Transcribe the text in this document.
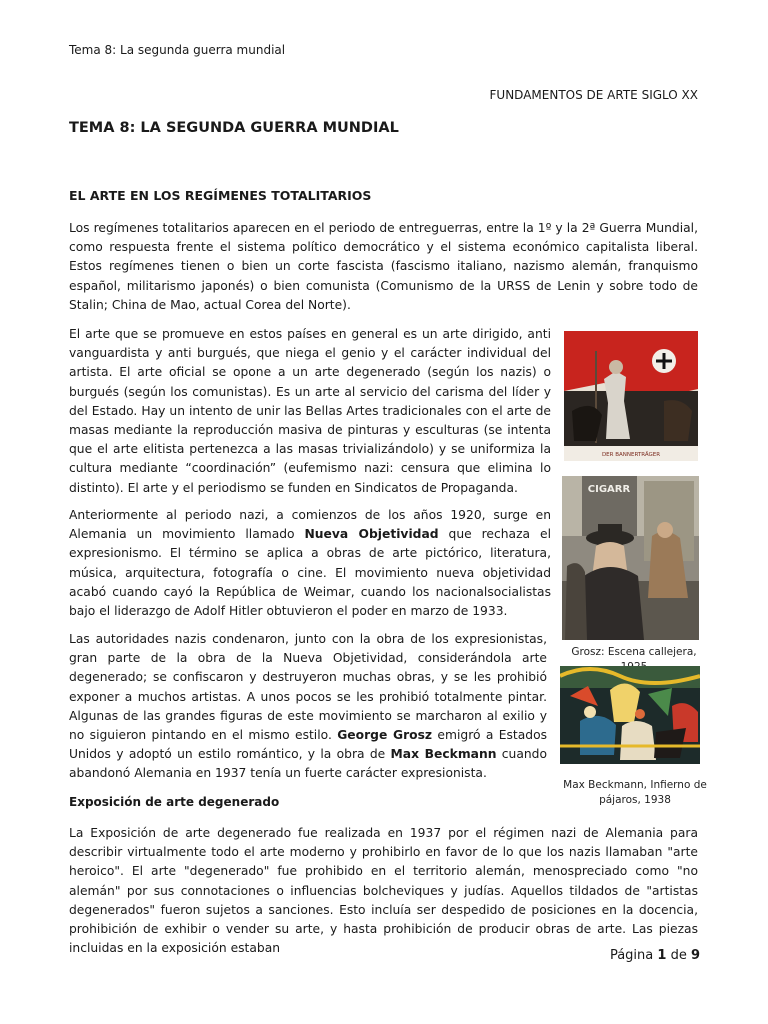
Tema 8: La segunda guerra mundial
FUNDAMENTOS DE ARTE SIGLO XX
TEMA 8: LA SEGUNDA GUERRA MUNDIAL
EL ARTE EN LOS REGÍMENES TOTALITARIOS

Los regímenes totalitarios aparecen en el periodo de entreguerras, entre la 1º y la 2ª Guerra Mundial, como respuesta frente el sistema político democrático y el sistema económico capitalista liberal. Estos regímenes tienen o bien un corte fascista (fascismo italiano, nazismo alemán, franquismo español, militarismo japonés) o bien comunista (Comunismo de la URSS de Lenin y sobre todo de Stalin; China de Mao, actual Corea del Norte).

El arte que se promueve en estos países en general es un arte dirigido, anti vanguardista y anti burgués, que niega el genio y el carácter individual del artista. El arte oficial se opone a un arte degenerado (según los nazis) o burgués (según los comunistas). Es un arte al servicio del carisma del líder y del Estado. Hay un intento de unir las Bellas Artes tradicionales con el arte de masas mediante la reproducción masiva de pinturas y esculturas (se intenta que el arte elitista pertenezca a las masas trivializándolo) y se uniformiza la cultura mediante “coordinación” (eufemismo nazi: censura que elimina lo distinto). El arte y el periodismo se funden en Sindicatos de Propaganda.

Anteriormente al periodo nazi, a comienzos de los años 1920, surge en Alemania un movimiento llamado Nueva Objetividad que rechaza el expresionismo. El término se aplica a obras de arte pictórico, literatura, música, arquitectura, fotografía o cine. El movimiento nueva objetividad acabó cuando cayó la República de Weimar, cuando los nacionalsocialistas bajo el liderazgo de Adolf Hitler obtuvieron el poder en marzo de 1933.

Las autoridades nazis condenaron, junto con la obra de los expresionistas, gran parte de la obra de la Nueva Objetividad, considerándola arte degenerado; se confiscaron y destruyeron muchas obras, y se les prohibió exponer a muchos artistas. A unos pocos se les prohibió totalmente pintar. Algunas de las grandes figuras de este movimiento se marcharon al exilio y no siguieron pintando en el mismo estilo. George Grosz emigró a Estados Unidos y adoptó un estilo romántico, y la obra de Max Beckmann cuando abandonó Alemania en 1937 tenía un fuerte carácter expresionista.

Exposición de arte degenerado

La Exposición de arte degenerado fue realizada en 1937 por el régimen nazi de Alemania para describir virtualmente todo el arte moderno y prohibirlo en favor de lo que los nazis llamaban "arte heroico". El arte "degenerado" fue prohibido en el territorio alemán, menospreciado como "no alemán" por sus connotaciones o influencias bolcheviques y judías. Aquellos tildados de "artistas degenerados" fueron sujetos a sanciones. Esto incluía ser despedido de posiciones en la docencia, prohibición de exhibir o vender su arte, y hasta prohibición de producir obras de arte. Las piezas incluidas en la exposición estaban

DER BANNERTRÄGER
CIGARR
Grosz: Escena callejera,
Max Beckmann, Infierno de pájaros, 1938
Página 1 de 9
